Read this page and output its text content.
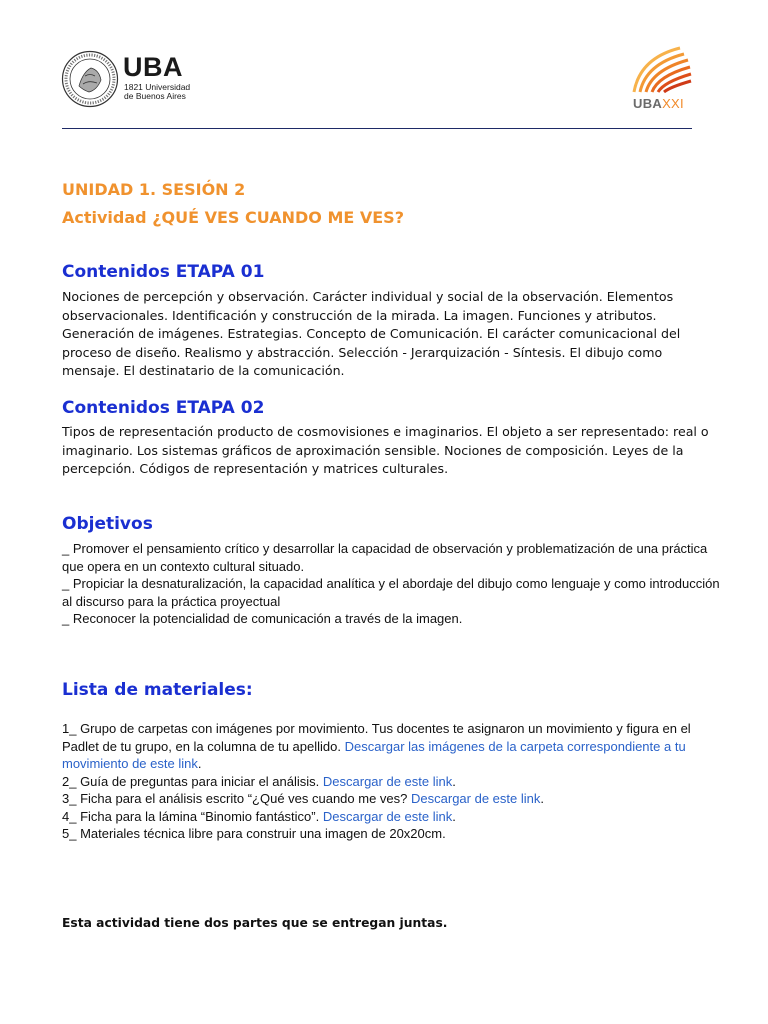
UBA
1821 Universidad
de Buenos Aires	UBAXXI
UNIDAD 1. SESIÓN 2
Actividad ¿QUÉ VES CUANDO ME VES?
Contenidos ETAPA 01
Nociones de percepción y observación. Carácter individual y social de la observación. Elementos observacionales. Identificación y construcción de la mirada. La imagen. Funciones y atributos. Generación de imágenes. Estrategias. Concepto de Comunicación. El carácter comunicacional del proceso de diseño. Realismo y abstracción. Selección - Jerarquización - Síntesis. El dibujo como mensaje. El destinatario de la comunicación.
Contenidos ETAPA 02
Tipos de representación producto de cosmovisiones e imaginarios. El objeto a ser representado: real o imaginario. Los sistemas gráficos de aproximación sensible. Nociones de composición. Leyes de la percepción. Códigos de representación y matrices culturales.
Objetivos
_ Promover el pensamiento crítico y desarrollar la capacidad de observación y problematización de una práctica que opera en un contexto cultural situado.
_ Propiciar la desnaturalización, la capacidad analítica y el abordaje del dibujo como lenguaje y como introducción al discurso para la práctica proyectual
_ Reconocer la potencialidad de comunicación a través de la imagen.
Lista de materiales:
1_ Grupo de carpetas con imágenes por movimiento. Tus docentes te asignaron un movimiento y figura en el Padlet de tu grupo, en la columna de tu apellido. Descargar las imágenes de la carpeta correspondiente a tu movimiento de este link.
2_ Guía de preguntas para iniciar el análisis. Descargar de este link.
3_ Ficha para el análisis escrito “¿Qué ves cuando me ves? Descargar de este link.
4_ Ficha para la lámina “Binomio fantástico”. Descargar de este link.
5_ Materiales técnica libre para construir una imagen de 20x20cm.
Esta actividad tiene dos partes que se entregan juntas.
